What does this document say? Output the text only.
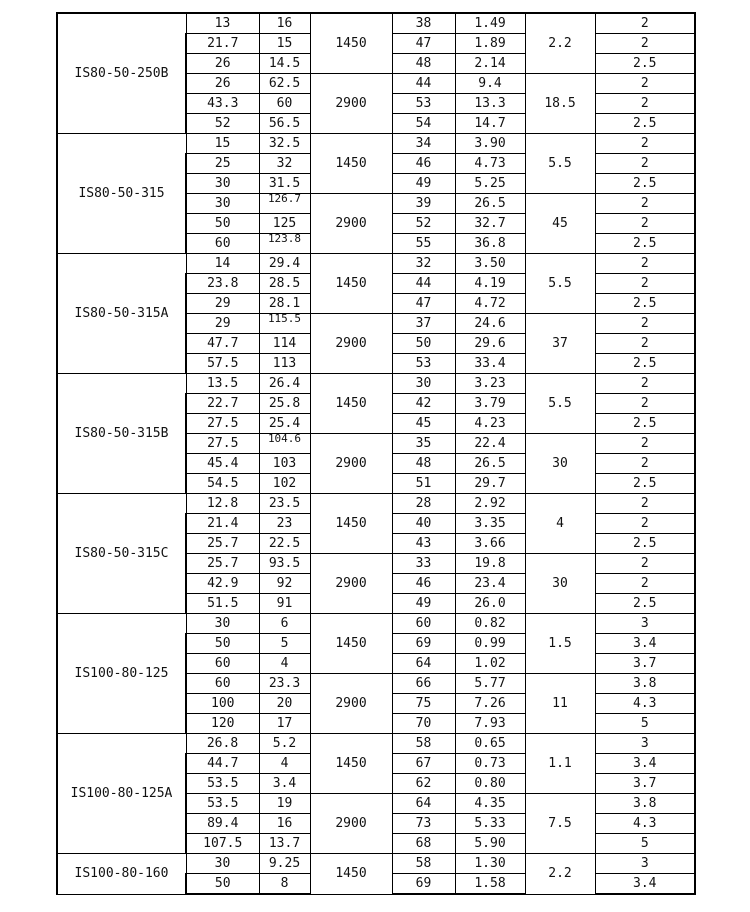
IS80-50-250B	13	16	1450	38	1.49	2.2	2
	21.7	15		47	1.89		2
	26	14.5		48	2.14		2.5
	26	62.5	2900	44	9.4	18.5	2
	43.3	60		53	13.3		2
	52	56.5		54	14.7		2.5
IS80-50-315	15	32.5	1450	34	3.90	5.5	2
	25	32		46	4.73		2
	30	31.5		49	5.25		2.5
	30	126.7	2900	39	26.5	45	2
	50	125		52	32.7		2
	60	123.8		55	36.8		2.5
IS80-50-315A	14	29.4	1450	32	3.50	5.5	2
	23.8	28.5		44	4.19		2
	29	28.1		47	4.72		2.5
	29	115.5	2900	37	24.6	37	2
	47.7	114		50	29.6		2
	57.5	113		53	33.4		2.5
IS80-50-315B	13.5	26.4	1450	30	3.23	5.5	2
	22.7	25.8		42	3.79		2
	27.5	25.4		45	4.23		2.5
	27.5	104.6	2900	35	22.4	30	2
	45.4	103		48	26.5		2
	54.5	102		51	29.7		2.5
IS80-50-315C	12.8	23.5	1450	28	2.92	4	2
	21.4	23		40	3.35		2
	25.7	22.5		43	3.66		2.5
	25.7	93.5	2900	33	19.8	30	2
	42.9	92		46	23.4		2
	51.5	91		49	26.0		2.5
IS100-80-125	30	6	1450	60	0.82	1.5	3
	50	5		69	0.99		3.4
	60	4		64	1.02		3.7
	60	23.3	2900	66	5.77	11	3.8
	100	20		75	7.26		4.3
	120	17		70	7.93		5
IS100-80-125A	26.8	5.2	1450	58	0.65	1.1	3
	44.7	4		67	0.73		3.4
	53.5	3.4		62	0.80		3.7
	53.5	19	2900	64	4.35	7.5	3.8
	89.4	16		73	5.33		4.3
	107.5	13.7		68	5.90		5
IS100-80-160	30	9.25	1450	58	1.30	2.2	3
	50	8		69	1.58		3.4
